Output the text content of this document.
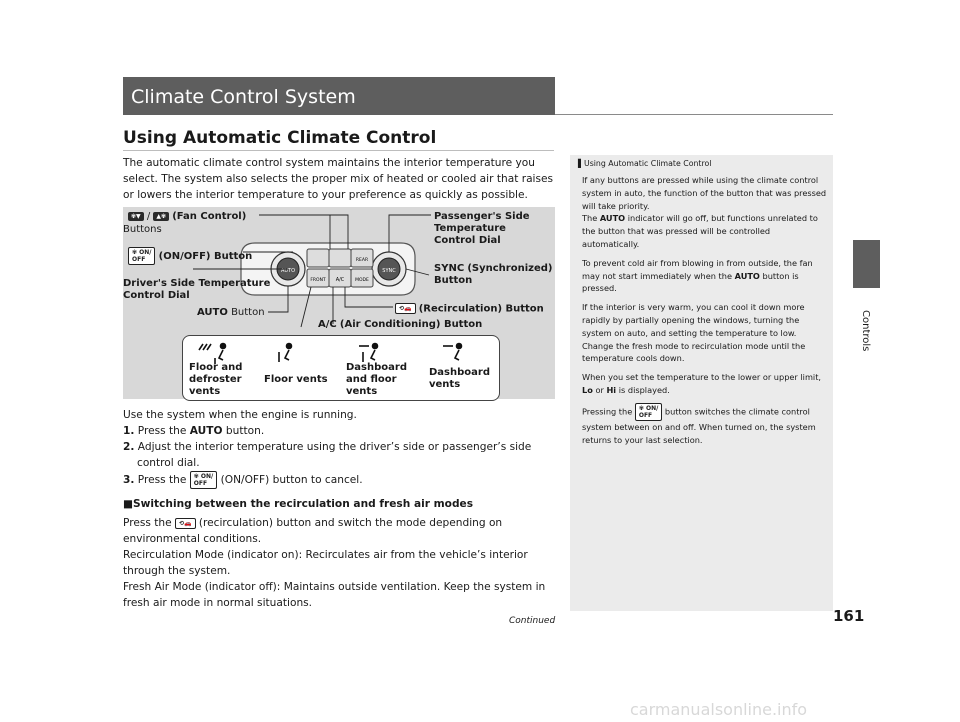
Climate Control System
Controls
Using Automatic Climate Control
The automatic climate control system maintains the interior temperature you select. The system also selects the proper mix of heated or cooled air that raises or lowers the interior temperature to your preference as quickly as possible.
AUTO	SYNC
A/C
REAR
FRONT	MODE
✾▼ / ▲✾ (Fan Control)
Buttons
✾ ON/
OFF (ON/OFF) Button
Driver's Side Temperature
Control Dial
AUTO Button
Passenger's Side
Temperature
Control Dial
SYNC (Synchronized)
Button
⟲🚗 (Recirculation) Button
A/C (Air Conditioning) Button
Floor and
defroster
vents
Floor vents
Dashboard
and floor
vents
Dashboard
vents
Use the system when the engine is running.
1. Press the AUTO button.
2. Adjust the interior temperature using the driver’s side or passenger’s side control dial.
3. Press the ✾ ON/
OFF (ON/OFF) button to cancel.
■Switching between the recirculation and fresh air modes
Press the ⟲🚗 (recirculation) button and switch the mode depending on environmental conditions.
Recirculation Mode (indicator on): Recirculates air from the vehicle’s interior through the system.
Fresh Air Mode (indicator off): Maintains outside ventilation. Keep the system in fresh air mode in normal situations.
Continued	161
▌Using Automatic Climate Control

If any buttons are pressed while using the climate control system in auto, the function of the button that was pressed will take priority.
The AUTO indicator will go off, but functions unrelated to the button that was pressed will be controlled automatically.

To prevent cold air from blowing in from outside, the fan may not start immediately when the AUTO button is pressed.

If the interior is very warm, you can cool it down more rapidly by partially opening the windows, turning the system on auto, and setting the temperature to low. Change the fresh mode to recirculation mode until the temperature cools down.

When you set the temperature to the lower or upper limit, Lo or Hi is displayed.

Pressing the ✾ ON/
OFF button switches the climate control system between on and off. When turned on, the system returns to your last selection.

carmanualsonline.info
